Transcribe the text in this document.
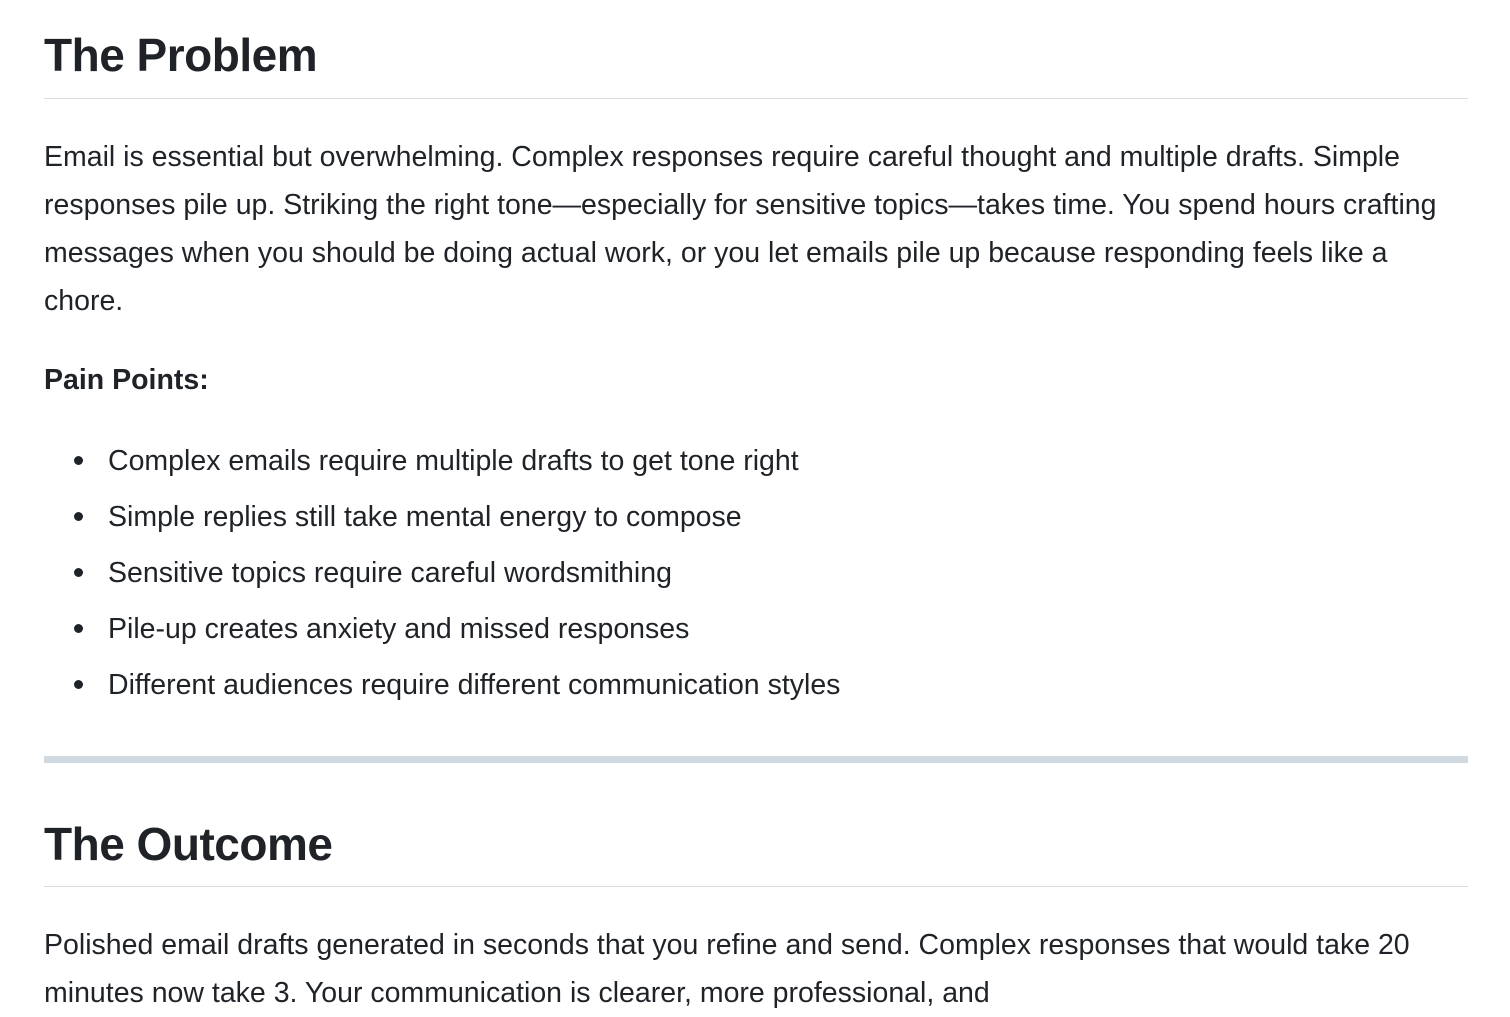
The Problem

Email is essential but overwhelming. Complex responses require careful thought and multiple drafts. Simple responses pile up. Striking the right tone—especially for sensitive topics—takes time. You spend hours crafting messages when you should be doing actual work, or you let emails pile up because responding feels like a chore.

Pain Points:

Complex emails require multiple drafts to get tone right
Simple replies still take mental energy to compose
Sensitive topics require careful wordsmithing
Pile-up creates anxiety and missed responses
Different audiences require different communication styles
The Outcome

Polished email drafts generated in seconds that you refine and send. Complex responses that would take 20 minutes now take 3. Your communication is clearer, more professional, and
